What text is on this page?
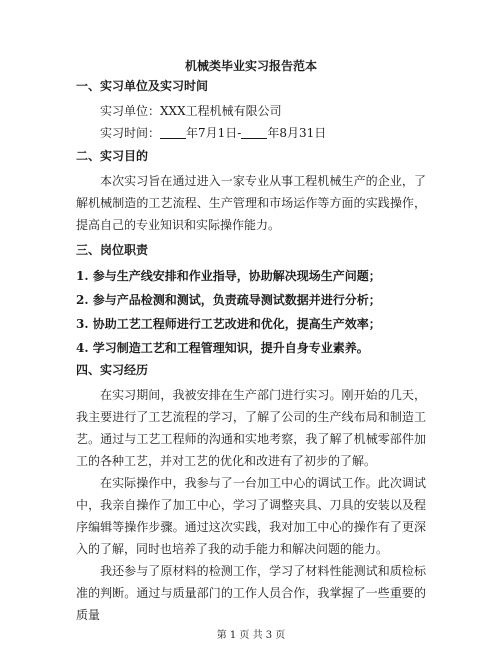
机械类毕业实习报告范本
一、实习单位及实习时间
实习单位：XXX工程机械有限公司
实习时间： 年7月1日- 年8月31日
二、实习目的

本次实习旨在通过进入一家专业从事工程机械生产的企业，了解机械制造的工艺流程、生产管理和市场运作等方面的实践操作，提高自己的专业知识和实际操作能力。

三、岗位职责
1. 参与生产线安排和作业指导，协助解决现场生产问题；
2. 参与产品检测和测试，负责疏导测试数据并进行分析；
3. 协助工艺工程师进行工艺改进和优化，提高生产效率；
4. 学习制造工艺和工程管理知识，提升自身专业素养。
四、实习经历

在实习期间，我被安排在生产部门进行实习。刚开始的几天，我主要进行了工艺流程的学习，了解了公司的生产线布局和制造工艺。通过与工艺工程师的沟通和实地考察，我了解了机械零部件加工的各种工艺，并对工艺的优化和改进有了初步的了解。

在实际操作中，我参与了一台加工中心的调试工作。此次调试中，我亲自操作了加工中心，学习了调整夹具、刀具的安装以及程序编辑等操作步骤。通过这次实践，我对加工中心的操作有了更深入的了解，同时也培养了我的动手能力和解决问题的能力。

我还参与了原材料的检测工作，学习了材料性能测试和质检标准的判断。通过与质量部门的工作人员合作，我掌握了一些重要的质量

第 1 页 共 3 页
